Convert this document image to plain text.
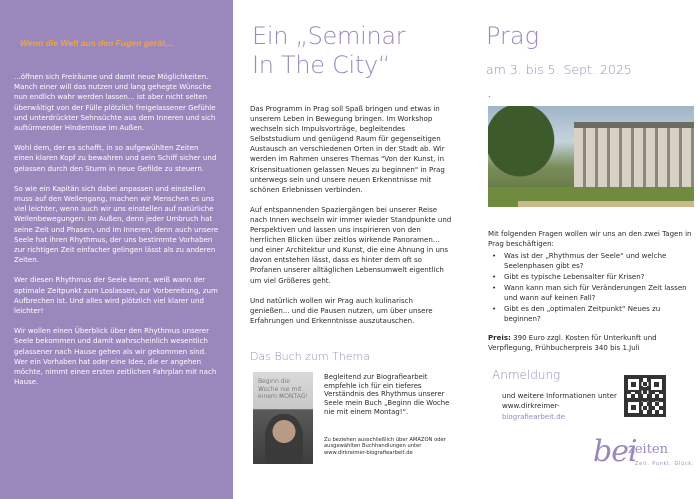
Wenn die Welt aus den Fugen gerät,...

...öffnen sich Freiräume und damit neue Möglichkeiten. Manch einer will das nutzen und lang gehegte Wünsche nun endlich wahr werden lassen... ist aber nicht selten überwältigt von der Fülle plötzlich freigelassener Gefühle und unterdrückter Sehnsüchte aus dem Inneren und sich auftürmender Hindernisse im Außen.

Wohl dem, der es schafft, in so aufgewühlten Zeiten einen klaren Kopf zu bewahren und sein Schiff sicher und gelassen durch den Sturm in neue Gefilde zu steuern.

So wie ein Kapitän sich dabei anpassen und einstellen muss auf den Wellengang, machen wir Menschen es uns viel leichter, wenn auch wir uns einstellen auf natürliche Wellenbewegungen: Im Außen, denn jeder Umbruch hat seine Zeit und Phasen, und im Inneren, denn auch unsere Seele hat ihren Rhythmus, der uns bestimmte Vorhaben zur richtigen Zeit einfacher gelingen lässt als zu anderen Zeiten.

Wer diesen Rhythmus der Seele kennt, weiß wann der optimale Zeitpunkt zum Loslassen, zur Vorbereitung, zum Aufbrechen ist. Und alles wird plötzlich viel klarer und leichter!

Wir wollen einen Überblick über den Rhythmus unserer Seele bekommen und damit wahrscheinlich wesentlich gelassener nach Hause gehen als wir gekommen sind. Wer ein Vorhaben hat oder eine Idee, die er angehen möchte, nimmt einen ersten zeitlichen Fahrplan mit nach Hause.

Ein „Seminar
In The City“

Das Programm in Prag soll Spaß bringen und etwas in unserem Leben in Bewegung bringen. Im Workshop wechseln sich Impulsvorträge, begleitendes Selbststudium und genügend Raum für gegenseitigen Austausch an verschiedenen Orten in der Stadt ab. Wir werden im Rahmen unseres Themas "Von der Kunst, in Krisensituationen gelassen Neues zu beginnen" in Prag unterwegs sein und unsere neuen Erkenntnisse mit schönen Erlebnissen verbinden.

Auf entspannenden Spaziergängen bei unserer Reise nach Innen wechseln wir immer wieder Standpunkte und Perspektiven und lassen uns inspirieren von den herrlichen Blicken über zeitlos wirkende Panoramen... und einer Architektur und Kunst, die eine Ahnung in uns davon entstehen lässt, dass es hinter dem oft so Profanen unserer alltäglichen Lebensumwelt eigentlich um viel Größeres geht.

Und natürlich wollen wir Prag auch kulinarisch genießen... und die Pausen nutzen, um über unsere Erfahrungen und Erkenntnisse auszutauschen.

Das Buch zum Thema
Beginn die Woche nie mit einem MONTAG!
Begleitend zur Biografiearbeit empfehle ich für ein tieferes Verständnis des Rhythmus unserer Seele mein Buch „Beginn die Woche nie mit einem Montag!“.
Zu beziehen ausschließlich über AMAZON oder ausgewählten Buchhandlungen unter www.dirkreimer-biografiearbeit.de
Prag
am 3. bis 5. Sept. 2025
.
Mit folgenden Fragen wollen wir uns an den zwei Tagen in Prag beschäftigen:
• Was ist der „Rhythmus der Seele“ und welche Seelenphasen gibt es?
• Gibt es typische Lebensalter für Krisen?
• Wann kann man sich für Veränderungen Zeit lassen und wann auf keinen Fall?
• Gibt es den „optimalen Zeitpunkt“ Neues zu beginnen?
Preis: 390 Euro zzgl. Kosten für Unterkunft und Verpflegung, Frühbucherpreis 340 bis 1.Juli
Anmeldung
und weitere Informationen unter www.dirkreimer-
biografiearbeit.de
bei
zeiten
Zeit. Punkt. Glück.
